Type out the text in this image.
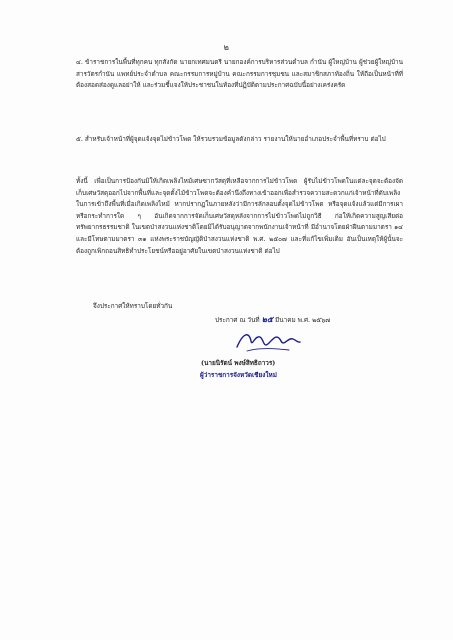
๒

๔. ข้าราชการในพื้นที่ทุกคน ทุกสังกัด นายกเทศมนตรี นายกองค์การบริหารส่วนตำบล กำนัน ผู้ใหญ่บ้าน ผู้ช่วยผู้ใหญ่บ้าน สารวัตรกำนัน แพทย์ประจำตำบล คณะกรรมการหมู่บ้าน คณะกรรมการชุมชน และสมาชิกสภาท้องถิ่น ให้ถือเป็นหน้าที่ที่ต้องสอดส่องดูแลอย่าให้ และร่วมชี้แจงให้ประชาชนในท้องที่ปฏิบัติตามประกาศฉบับนี้อย่างเคร่งครัด

๕. สำหรับเจ้าหน้าที่ผู้จุดแจ้งจุดไม่ข้าวโพด ให้รวบรวมข้อมูลดังกล่าว รายงานให้นายอำเภอประจำพื้นที่ทราบ ต่อไป

ทั้งนี้ เพื่อเป็นการป้องกันมิให้เกิดเพลิงไหม้เศษซากวัสดุที่เหลือจากการไม่ข้าวโพด ผู้รับไม่ข้าวโพดในแต่ละจุดจะต้องจัดเก็บเศษวัสดุออกไปจากพื้นที่และจุดตั้งไม้ข้าวโพดจะต้องคำนึงถึงทางเข้าออกเพื่อสำรวจความสะดวกแก่เจ้าหน้าที่ดับเพลิงในการเข้าถึงพื้นที่เมื่อเกิดเพลิงไหม้ หากปรากฏในภายหลังว่ามีการลักลอบตั้งจุดไม่ข้าวโพด หรือจุดแจ้งแล้วแต่มีการเผาหรือกระทำการใด ๆ อันเกิดจากการจัดเก็บเศษวัสดุหลังจากการไม่ข้าวโพดไม่ถูกวิธี ก่อให้เกิดความสูญเสียต่อทรัพยากรธรรมชาติ ในเขตป่าสงวนแห่งชาติโดยมิได้รับอนุญาตจากพนักงานเจ้าหน้าที่ มีอำนาจโดยฝ่าฝืนตามมาตรา ๑๔ และมีโทษตามมาตรา ๓๑ แห่งพระราชบัญญัติป่าสงวนแห่งชาติ พ.ศ. ๒๕๐๗ และที่แก้ไขเพิ่มเติม อันเป็นเหตุให้ผู้นั้นจะต้องถูกเพิกถอนสิทธิทำประโยชน์หรืออยู่อาศัยในเขตป่าสงวนแห่งชาติ ต่อไป

จึงประกาศให้ทราบโดยทั่วกัน
ประกาศ ณ วันที่ ๒๕ มีนาคม พ.ศ. ๒๕๖๗
(นายนิรัตน์ พงษ์สิทธิถาวร)
ผู้ว่าราชการจังหวัดเชียงใหม่
